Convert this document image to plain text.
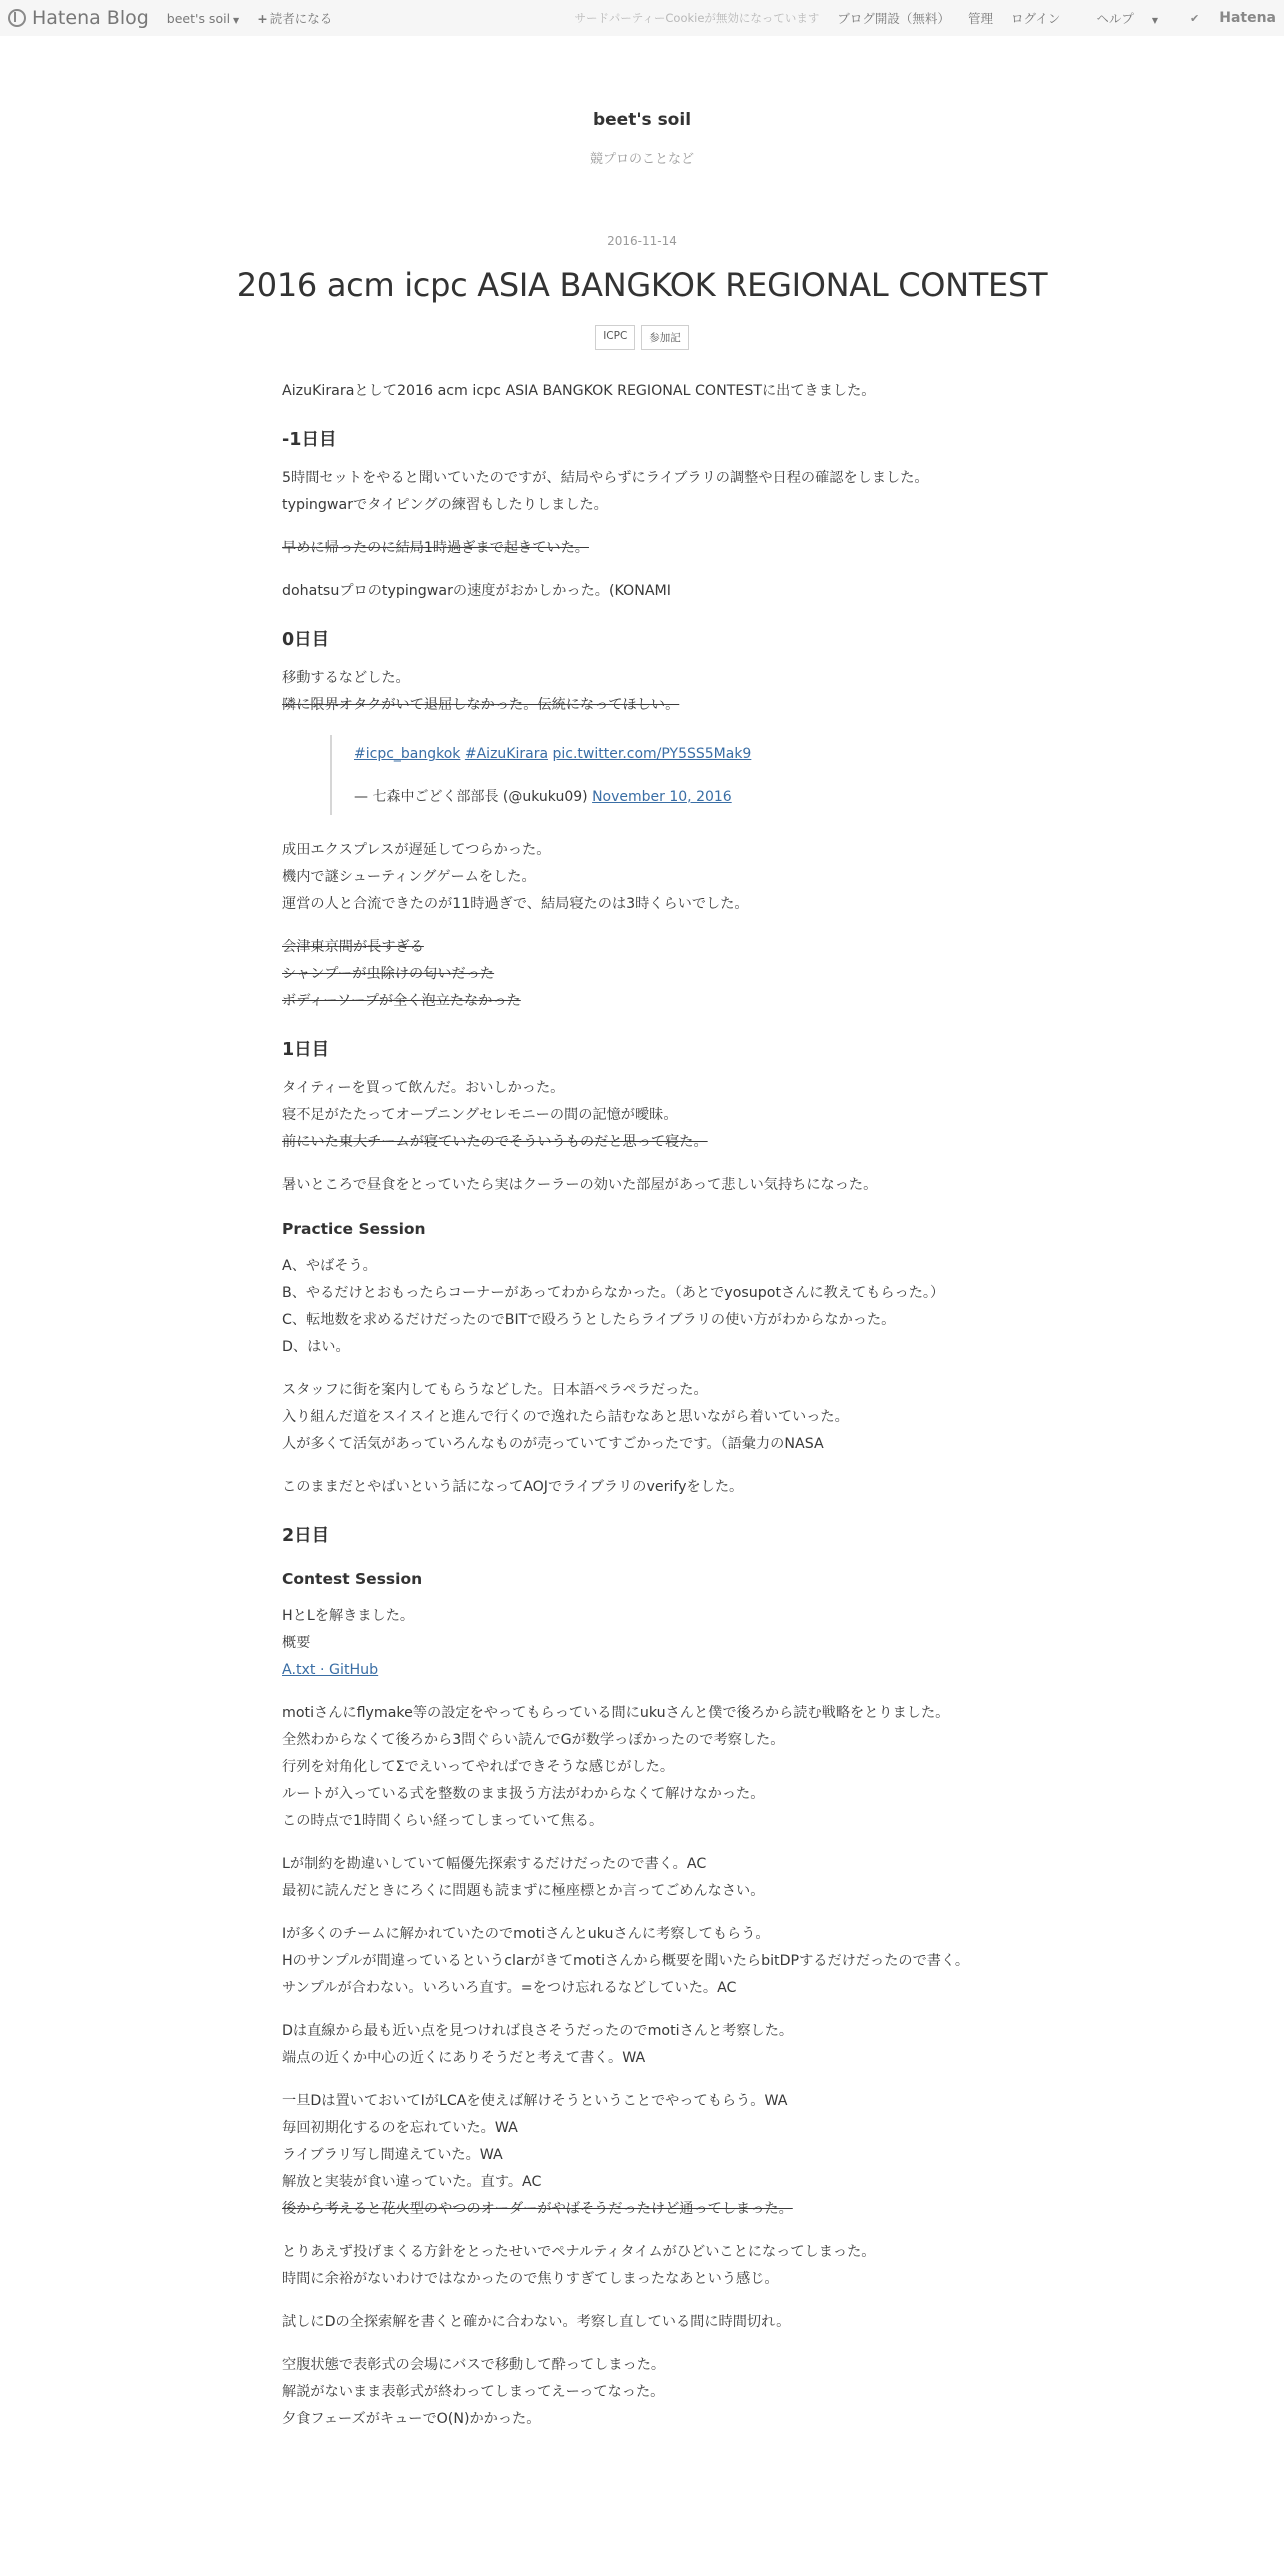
Hatena Blog beet's soil ▼ + 読者になる	サードパーティーCookieが無効になっています ブログ開設（無料） 管理 ログイン	ヘルプ ▼	✔ Hatena
beet's soil
競プロのことなど
2016-11-14
2016 acm icpc ASIA BANGKOK REGIONAL CONTEST
ICPC	参加記

AizuKiraraとして2016 acm icpc ASIA BANGKOK REGIONAL CONTESTに出てきました。

-1日目

5時間セットをやると聞いていたのですが、結局やらずにライブラリの調整や日程の確認をしました。
typingwarでタイピングの練習もしたりしました。

早めに帰ったのに結局1時過ぎまで起きていた。

dohatsuプロのtypingwarの速度がおかしかった。(KONAMI

0日目

移動するなどした。
隣に限界オタクがいて退屈しなかった。伝統になってほしい。

#icpc_bangkok #AizuKirara pic.twitter.com/PY5SS5Mak9

— 七森中ごどく部部長 (@ukuku09) November 10, 2016

成田エクスプレスが遅延してつらかった。
機内で謎シューティングゲームをした。
運営の人と合流できたのが11時過ぎで、結局寝たのは3時くらいでした。

会津東京間が長すぎる
シャンプーが虫除けの匂いだった
ボディーソープが全く泡立たなかった

1日目

タイティーを買って飲んだ。おいしかった。
寝不足がたたってオープニングセレモニーの間の記憶が曖昧。
前にいた東大チームが寝ていたのでそういうものだと思って寝た。

暑いところで昼食をとっていたら実はクーラーの効いた部屋があって悲しい気持ちになった。

Practice Session

A、やばそう。
B、やるだけとおもったらコーナーがあってわからなかった。（あとでyosupotさんに教えてもらった。）
C、転地数を求めるだけだったのでBITで殴ろうとしたらライブラリの使い方がわからなかった。
D、はい。

スタッフに街を案内してもらうなどした。日本語ペラペラだった。
入り組んだ道をスイスイと進んで行くので逸れたら詰むなあと思いながら着いていった。
人が多くて活気があっていろんなものが売っていてすごかったです。（語彙力のNASA

このままだとやばいという話になってAOJでライブラリのverifyをした。

2日目
Contest Session

HとLを解きました。
概要
A.txt · GitHub

motiさんにflymake等の設定をやってもらっている間にukuさんと僕で後ろから読む戦略をとりました。
全然わからなくて後ろから3問ぐらい読んでGが数学っぽかったので考察した。
行列を対角化してΣでえいってやればできそうな感じがした。
ルートが入っている式を整数のまま扱う方法がわからなくて解けなかった。
この時点で1時間くらい経ってしまっていて焦る。

Lが制約を勘違いしていて幅優先探索するだけだったので書く。AC
最初に読んだときにろくに問題も読まずに極座標とか言ってごめんなさい。

Iが多くのチームに解かれていたのでmotiさんとukuさんに考察してもらう。
Hのサンプルが間違っているというclarがきてmotiさんから概要を聞いたらbitDPするだけだったので書く。
サンプルが合わない。いろいろ直す。=をつけ忘れるなどしていた。AC

Dは直線から最も近い点を見つければ良さそうだったのでmotiさんと考察した。
端点の近くか中心の近くにありそうだと考えて書く。WA

一旦Dは置いておいてIがLCAを使えば解けそうということでやってもらう。WA
毎回初期化するのを忘れていた。WA
ライブラリ写し間違えていた。WA
解放と実装が食い違っていた。直す。AC
後から考えると花火型のやつのオーダーがやばそうだったけど通ってしまった。

とりあえず投げまくる方針をとったせいでペナルティタイムがひどいことになってしまった。
時間に余裕がないわけではなかったので焦りすぎてしまったなあという感じ。

試しにDの全探索解を書くと確かに合わない。考察し直している間に時間切れ。

空腹状態で表彰式の会場にバスで移動して酔ってしまった。
解説がないまま表彰式が終わってしまってえーってなった。
夕食フェーズがキューでO(N)かかった。
